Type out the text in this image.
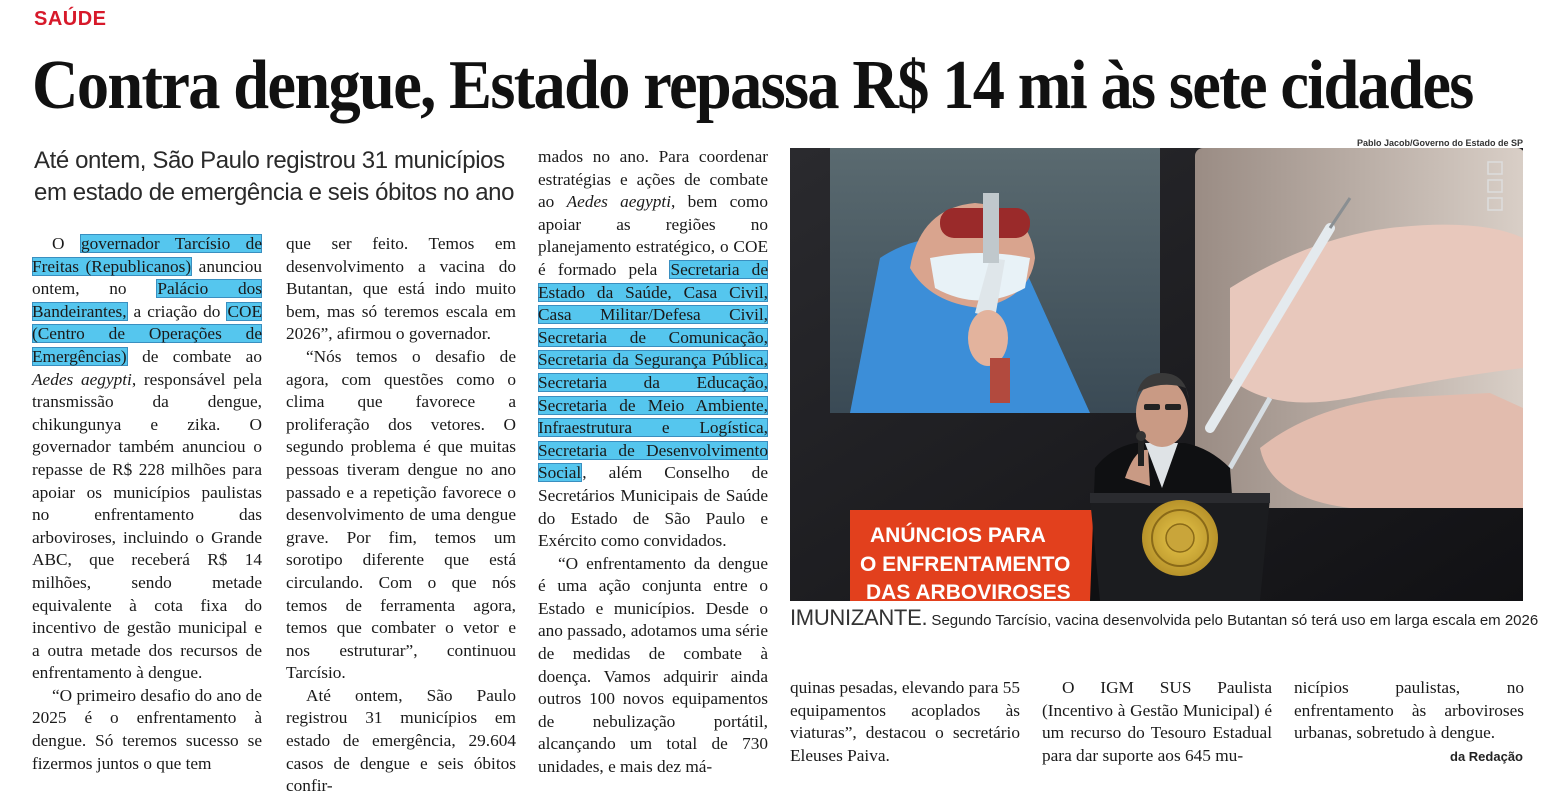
SAÚDE
Contra dengue, Estado repassa R$ 14 mi às sete cidades
Até ontem, São Paulo registrou 31 municípios em estado de emergência e seis óbitos no ano

O governador Tarcísio de Freitas (Republicanos) anunciou ontem, no Palácio dos Bandeirantes, a criação do COE (Centro de Operações de Emergências) de combate ao Aedes aegypti, responsável pela transmissão da dengue, chikungunya e zika. O governador também anunciou o repasse de R$ 228 milhões para apoiar os municípios paulistas no enfrentamento das arboviroses, incluindo o Grande ABC, que receberá R$ 14 milhões, sendo metade equivalente à cota fixa do incentivo de gestão municipal e a outra metade dos recursos de enfrentamento à dengue.

“O primeiro desafio do ano de 2025 é o enfrentamento à dengue. Só teremos sucesso se fizermos juntos o que tem

que ser feito. Temos em desenvolvimento a vacina do Butantan, que está indo muito bem, mas só teremos escala em 2026”, afirmou o governador.

“Nós temos o desafio de agora, com questões como o clima que favorece a proliferação dos vetores. O segundo problema é que muitas pessoas tiveram dengue no ano passado e a repetição favorece o desenvolvimento de uma dengue grave. Por fim, temos um sorotipo diferente que está circulando. Com o que nós temos de ferramenta agora, temos que combater o vetor e nos estruturar”, continuou Tarcísio.

Até ontem, São Paulo registrou 31 municípios em estado de emergência, 29.604 casos de dengue e seis óbitos confir-

mados no ano. Para coordenar estratégias e ações de combate ao Aedes aegypti, bem como apoiar as regiões no planejamento estratégico, o COE é formado pela Secretaria de Estado da Saúde, Casa Civil, Casa Militar/Defesa Civil, Secretaria de Comunicação, Secretaria da Segurança Pública, Secretaria da Educação, Secretaria de Meio Ambiente, Infraestrutura e Logística, Secretaria de Desenvolvimento Social, além Conselho de Secretários Municipais de Saúde do Estado de São Paulo e Exército como convidados.

“O enfrentamento da dengue é uma ação conjunta entre o Estado e municípios. Desde o ano passado, adotamos uma série de medidas de combate à doença. Vamos adquirir ainda outros 100 novos equipamentos de nebulização portátil, alcançando um total de 730 unidades, e mais dez má-

Pablo Jacob/Governo do Estado de SP
ANÚNCIOS PARA
O ENFRENTAMENTO
DAS ARBOVIROSES
IMUNIZANTE. Segundo Tarcísio, vacina desenvolvida pelo Butantan só terá uso em larga escala em 2026

quinas pesadas, elevando para 55 equipamentos acoplados às viaturas”, destacou o secretário Eleuses Paiva.

O IGM SUS Paulista (Incentivo à Gestão Municipal) é um recurso do Tesouro Estadual para dar suporte aos 645 mu-

nicípios paulistas, no enfrentamento às arboviroses urbanas, sobretudo à dengue.

da Redação
